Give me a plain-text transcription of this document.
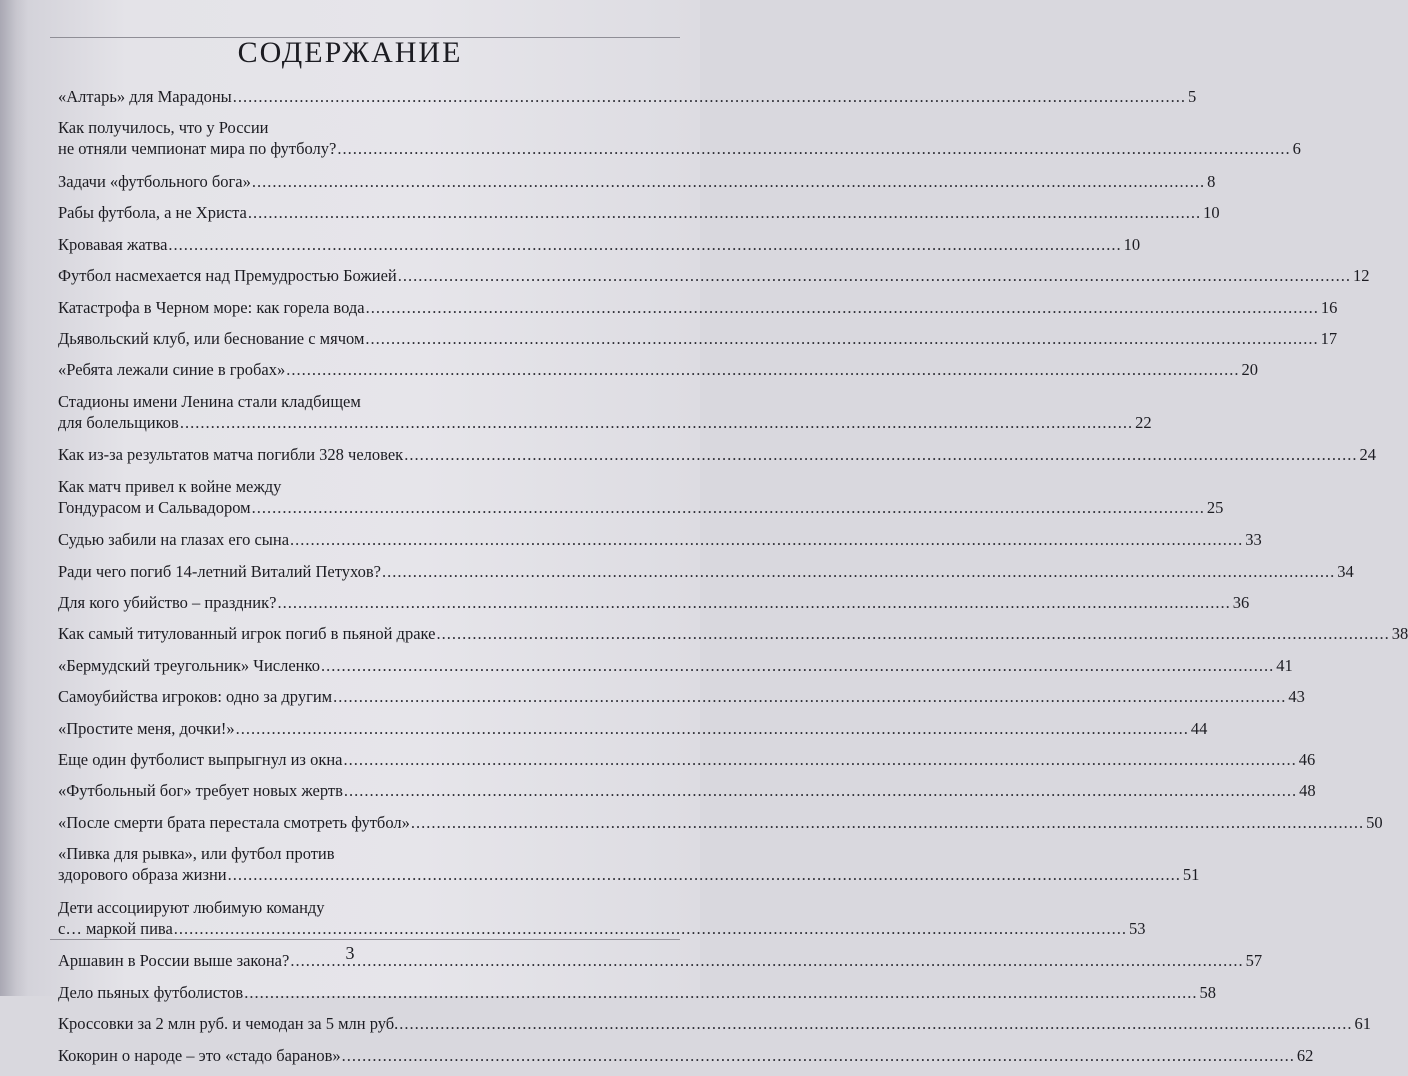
СОДЕРЖАНИЕ
«Алтарь» для Марадоны .....	5
Как получилось, что у России
не отняли чемпионат мира по футболу? .....	6
Задачи «футбольного бога» .....	8
Рабы футбола, а не Христа .....	10
Кровавая жатва .....	10
Футбол насмехается над Премудростью Божией .....	12
Катастрофа в Черном море: как горела вода .....	16
Дьявольский клуб, или беснование с мячом .....	17
«Ребята лежали синие в гробах» .....	20
Стадионы имени Ленина стали кладбищем
для болельщиков .....	22
Как из-за результатов матча погибли 328 человек .....	24
Как матч привел к войне между
Гондурасом и Сальвадором .....	25
Судью забили на глазах его сына .....	33
Ради чего погиб 14-летний Виталий Петухов? .....	34
Для кого убийство – праздник? .....	36
Как самый титулованный игрок погиб в пьяной драке .....	38
«Бермудский треугольник» Численко .....	41
Самоубийства игроков: одно за другим .....	43
«Простите меня, дочки!» .....	44
Еще один футболист выпрыгнул из окна .....	46
«Футбольный бог» требует новых жертв .....	48
«После смерти брата перестала смотреть футбол» .....	50
«Пивка для рывка», или футбол против
здорового образа жизни .....	51
Дети ассоциируют любимую команду
с… маркой пива .....	53
Аршавин в России выше закона? .....	57
Дело пьяных футболистов .....	58
Кроссовки за 2 млн руб. и чемодан за 5 млн руб. .....	61
Кокорин о народе – это «стадо баранов» .....	62
3
